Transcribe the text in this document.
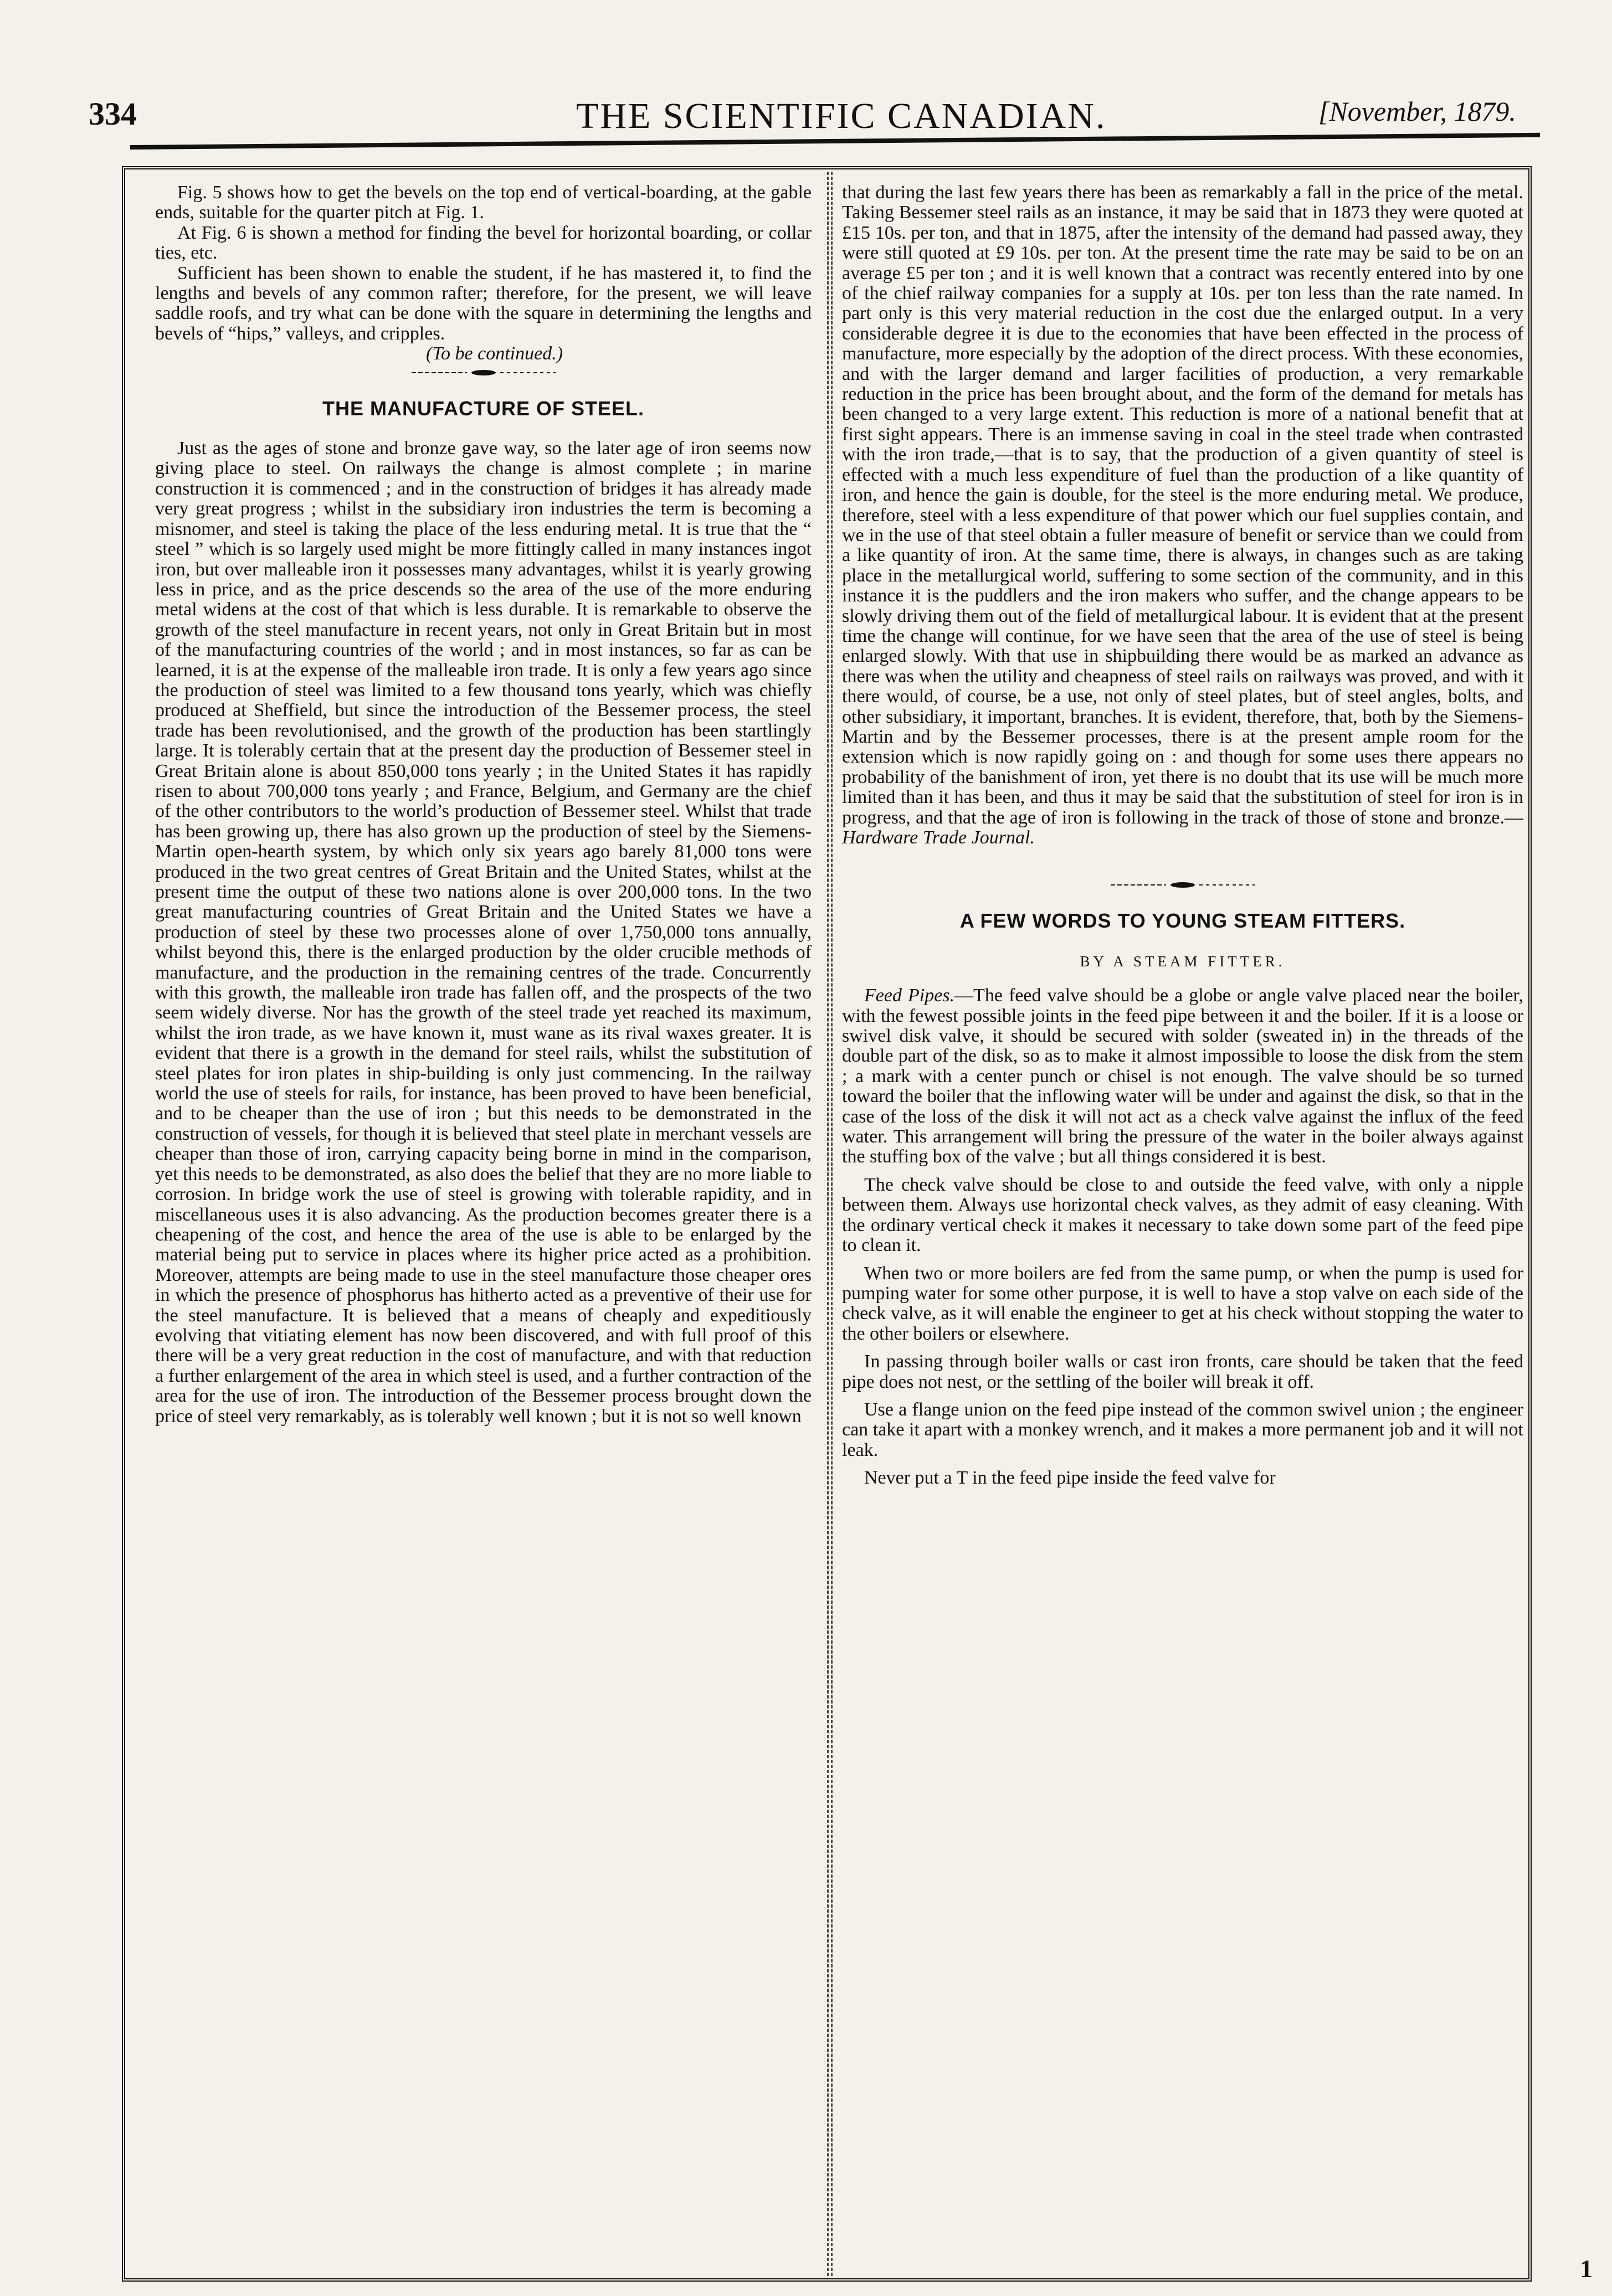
334	THE SCIENTIFIC CANADIAN.	[November, 1879.

Fig. 5 shows how to get the bevels on the top end of vertical-boarding, at the gable ends, suitable for the quarter pitch at Fig. 1.

At Fig. 6 is shown a method for finding the bevel for horizontal boarding, or collar ties, etc.

Sufficient has been shown to enable the student, if he has mastered it, to find the lengths and bevels of any common rafter; therefore, for the present, we will leave saddle roofs, and try what can be done with the square in determining the lengths and bevels of “hips,” valleys, and cripples.

(To be continued.)

THE MANUFACTURE OF STEEL.

Just as the ages of stone and bronze gave way, so the later age of iron seems now giving place to steel. On railways the change is almost complete ; in marine construction it is commenced ; and in the construction of bridges it has already made very great progress ; whilst in the subsidiary iron industries the term is becoming a misnomer, and steel is taking the place of the less enduring metal. It is true that the “ steel ” which is so largely used might be more fittingly called in many instances ingot iron, but over malleable iron it possesses many advantages, whilst it is yearly growing less in price, and as the price descends so the area of the use of the more enduring metal widens at the cost of that which is less durable. It is remarkable to observe the growth of the steel manufacture in recent years, not only in Great Britain but in most of the manufacturing countries of the world ; and in most instances, so far as can be learned, it is at the expense of the malleable iron trade. It is only a few years ago since the production of steel was limited to a few thousand tons yearly, which was chiefly produced at Sheffield, but since the introduction of the Bessemer process, the steel trade has been revolutionised, and the growth of the production has been startlingly large. It is tolerably certain that at the present day the production of Bessemer steel in Great Britain alone is about 850,000 tons yearly ; in the United States it has rapidly risen to about 700,000 tons yearly ; and France, Belgium, and Germany are the chief of the other contributors to the world’s production of Bessemer steel. Whilst that trade has been growing up, there has also grown up the production of steel by the Siemens-Martin open-hearth system, by which only six years ago barely 81,000 tons were produced in the two great centres of Great Britain and the United States, whilst at the present time the output of these two nations alone is over 200,000 tons. In the two great manufacturing countries of Great Britain and the United States we have a production of steel by these two processes alone of over 1,750,000 tons annually, whilst beyond this, there is the enlarged production by the older crucible methods of manufacture, and the production in the remaining centres of the trade. Concurrently with this growth, the malleable iron trade has fallen off, and the prospects of the two seem widely diverse. Nor has the growth of the steel trade yet reached its maximum, whilst the iron trade, as we have known it, must wane as its rival waxes greater. It is evident that there is a growth in the demand for steel rails, whilst the substitution of steel plates for iron plates in ship-building is only just commencing. In the railway world the use of steels for rails, for instance, has been proved to have been beneficial, and to be cheaper than the use of iron ; but this needs to be demonstrated in the construction of vessels, for though it is believed that steel plate in merchant vessels are cheaper than those of iron, carrying capacity being borne in mind in the comparison, yet this needs to be demonstrated, as also does the belief that they are no more liable to corrosion. In bridge work the use of steel is growing with tolerable rapidity, and in miscellaneous uses it is also advancing. As the production becomes greater there is a cheapening of the cost, and hence the area of the use is able to be enlarged by the material being put to service in places where its higher price acted as a prohibition. Moreover, attempts are being made to use in the steel manufacture those cheaper ores in which the presence of phosphorus has hitherto acted as a preventive of their use for the steel manufacture. It is believed that a means of cheaply and expeditiously evolving that vitiating element has now been discovered, and with full proof of this there will be a very great reduction in the cost of manufacture, and with that reduction a further enlargement of the area in which steel is used, and a further contraction of the area for the use of iron. The introduction of the Bessemer process brought down the price of steel very remarkably, as is tolerably well known ; but it is not so well known

that during the last few years there has been as remarkably a fall in the price of the metal. Taking Bessemer steel rails as an instance, it may be said that in 1873 they were quoted at £15 10s. per ton, and that in 1875, after the intensity of the demand had passed away, they were still quoted at £9 10s. per ton. At the present time the rate may be said to be on an average £5 per ton ; and it is well known that a contract was recently entered into by one of the chief railway companies for a supply at 10s. per ton less than the rate named. In part only is this very material reduction in the cost due the enlarged output. In a very considerable degree it is due to the economies that have been effected in the process of manufacture, more especially by the adoption of the direct process. With these economies, and with the larger demand and larger facilities of production, a very remarkable reduction in the price has been brought about, and the form of the demand for metals has been changed to a very large extent. This reduction is more of a national benefit that at first sight appears. There is an immense saving in coal in the steel trade when contrasted with the iron trade,—that is to say, that the production of a given quantity of steel is effected with a much less expenditure of fuel than the production of a like quantity of iron, and hence the gain is double, for the steel is the more enduring metal. We produce, therefore, steel with a less expenditure of that power which our fuel supplies contain, and we in the use of that steel obtain a fuller measure of benefit or service than we could from a like quantity of iron. At the same time, there is always, in changes such as are taking place in the metallurgical world, suffering to some section of the community, and in this instance it is the puddlers and the iron makers who suffer, and the change appears to be slowly driving them out of the field of metallurgical labour. It is evident that at the present time the change will continue, for we have seen that the area of the use of steel is being enlarged slowly. With that use in shipbuilding there would be as marked an advance as there was when the utility and cheapness of steel rails on railways was proved, and with it there would, of course, be a use, not only of steel plates, but of steel angles, bolts, and other subsidiary, it important, branches. It is evident, therefore, that, both by the Siemens-Martin and by the Bessemer processes, there is at the present ample room for the extension which is now rapidly going on : and though for some uses there appears no probability of the banishment of iron, yet there is no doubt that its use will be much more limited than it has been, and thus it may be said that the substitution of steel for iron is in progress, and that the age of iron is following in the track of those of stone and bronze.—Hardware Trade Journal.

A FEW WORDS TO YOUNG STEAM FITTERS.
BY A STEAM FITTER.

Feed Pipes.—The feed valve should be a globe or angle valve placed near the boiler, with the fewest possible joints in the feed pipe between it and the boiler. If it is a loose or swivel disk valve, it should be secured with solder (sweated in) in the threads of the double part of the disk, so as to make it almost impossible to loose the disk from the stem ; a mark with a center punch or chisel is not enough. The valve should be so turned toward the boiler that the inflowing water will be under and against the disk, so that in the case of the loss of the disk it will not act as a check valve against the influx of the feed water. This arrangement will bring the pressure of the water in the boiler always against the stuffing box of the valve ; but all things considered it is best.

The check valve should be close to and outside the feed valve, with only a nipple between them. Always use horizontal check valves, as they admit of easy cleaning. With the ordinary vertical check it makes it necessary to take down some part of the feed pipe to clean it.

When two or more boilers are fed from the same pump, or when the pump is used for pumping water for some other purpose, it is well to have a stop valve on each side of the check valve, as it will enable the engineer to get at his check without stopping the water to the other boilers or elsewhere.

In passing through boiler walls or cast iron fronts, care should be taken that the feed pipe does not nest, or the settling of the boiler will break it off.

Use a flange union on the feed pipe instead of the common swivel union ; the engineer can take it apart with a monkey wrench, and it makes a more permanent job and it will not leak.

Never put a T in the feed pipe inside the feed valve for

1
